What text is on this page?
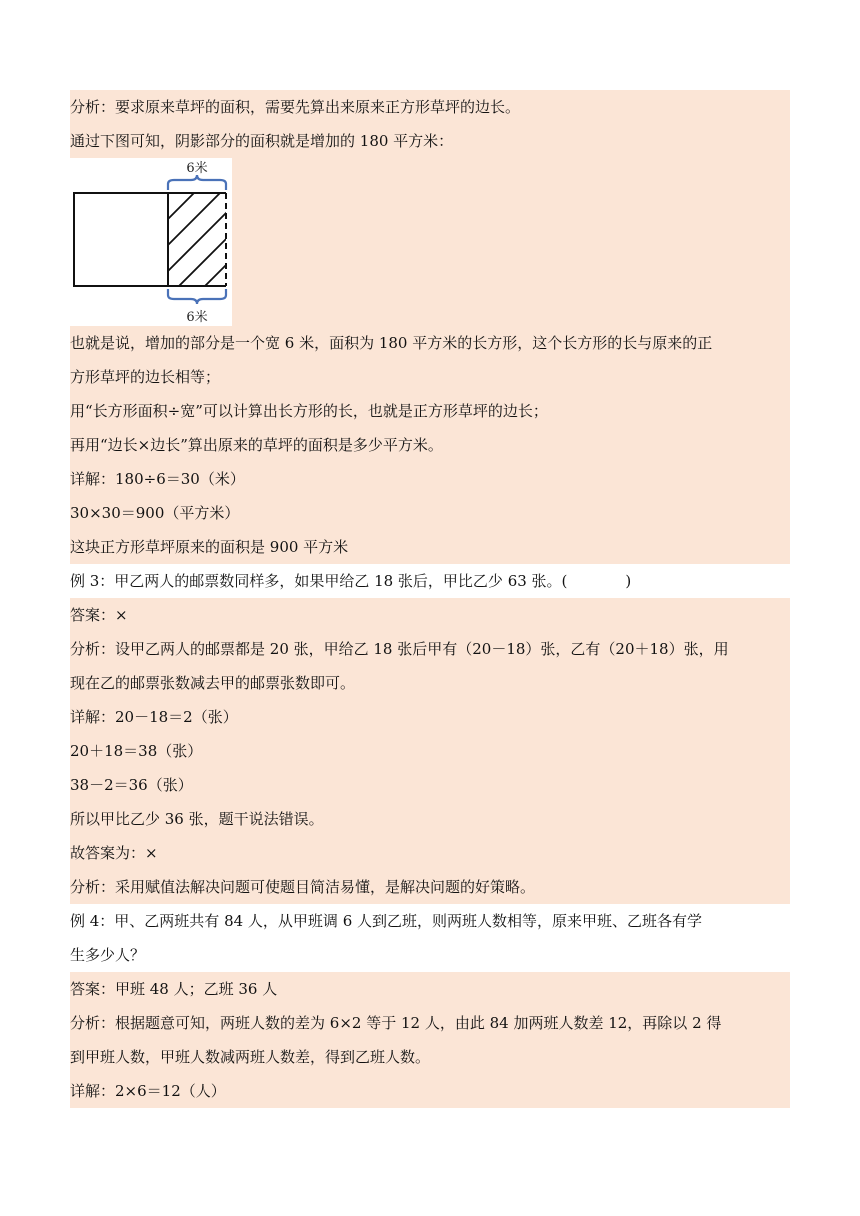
分析：要求原来草坪的面积，需要先算出来原来正方形草坪的边长。
通过下图可知，阴影部分的面积就是增加的 180 平方米：
6米
6米
也就是说，增加的部分是一个宽 6 米，面积为 180 平方米的长方形，这个长方形的长与原来的正
方形草坪的边长相等；
用“长方形面积÷宽”可以计算出长方形的长，也就是正方形草坪的边长；
再用“边长×边长”算出原来的草坪的面积是多少平方米。
详解：180÷6＝30（米）
30×30＝900（平方米）
这块正方形草坪原来的面积是 900 平方米
例 3：甲乙两人的邮票数同样多，如果甲给乙 18 张后，甲比乙少 63 张。(	)
答案：×
分析：设甲乙两人的邮票都是 20 张，甲给乙 18 张后甲有（20－18）张，乙有（20＋18）张，用
现在乙的邮票张数减去甲的邮票张数即可。
详解：20－18＝2（张）
20＋18＝38（张）
38－2＝36（张）
所以甲比乙少 36 张，题干说法错误。
故答案为：×
分析：采用赋值法解决问题可使题目简洁易懂，是解决问题的好策略。
例 4：甲、乙两班共有 84 人，从甲班调 6 人到乙班，则两班人数相等，原来甲班、乙班各有学
生多少人？
答案：甲班 48 人；乙班 36 人
分析：根据题意可知，两班人数的差为 6×2 等于 12 人，由此 84 加两班人数差 12，再除以 2 得
到甲班人数，甲班人数减两班人数差，得到乙班人数。
详解：2×6＝12（人）
